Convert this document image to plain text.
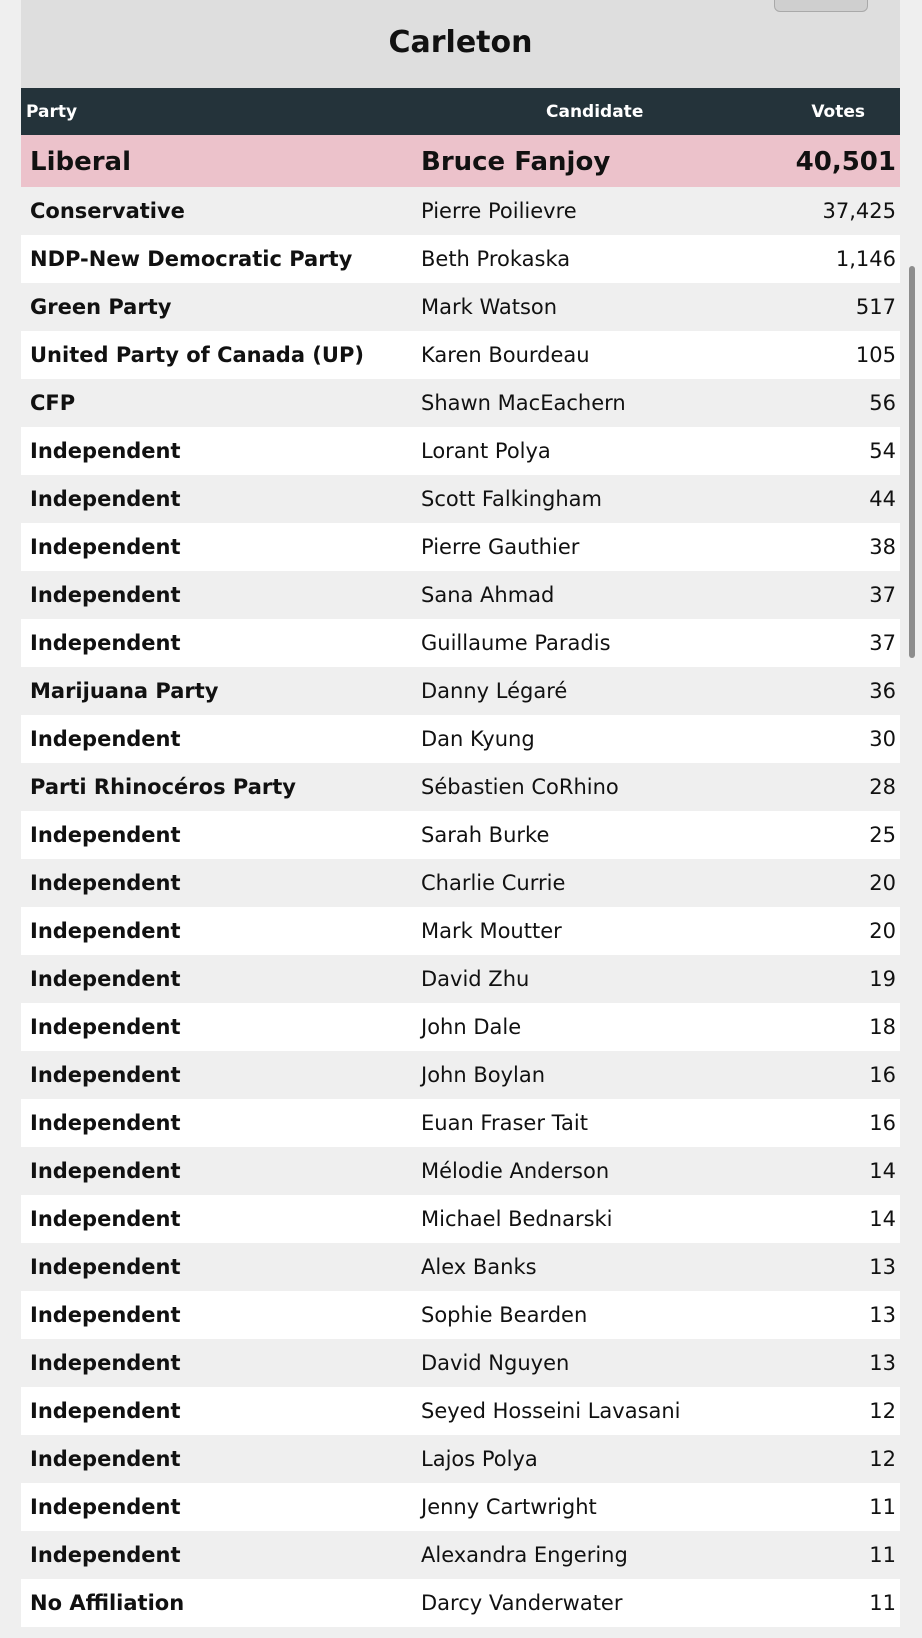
Carleton
Party	Candidate	Votes
Liberal	Bruce Fanjoy	40,501
Conservative	Pierre Poilievre	37,425
NDP-New Democratic Party	Beth Prokaska	1,146
Green Party	Mark Watson	517
United Party of Canada (UP)	Karen Bourdeau	105
CFP	Shawn MacEachern	56
Independent	Lorant Polya	54
Independent	Scott Falkingham	44
Independent	Pierre Gauthier	38
Independent	Sana Ahmad	37
Independent	Guillaume Paradis	37
Marijuana Party	Danny Légaré	36
Independent	Dan Kyung	30
Parti Rhinocéros Party	Sébastien CoRhino	28
Independent	Sarah Burke	25
Independent	Charlie Currie	20
Independent	Mark Moutter	20
Independent	David Zhu	19
Independent	John Dale	18
Independent	John Boylan	16
Independent	Euan Fraser Tait	16
Independent	Mélodie Anderson	14
Independent	Michael Bednarski	14
Independent	Alex Banks	13
Independent	Sophie Bearden	13
Independent	David Nguyen	13
Independent	Seyed Hosseini Lavasani	12
Independent	Lajos Polya	12
Independent	Jenny Cartwright	11
Independent	Alexandra Engering	11
No Affiliation	Darcy Vanderwater	11
